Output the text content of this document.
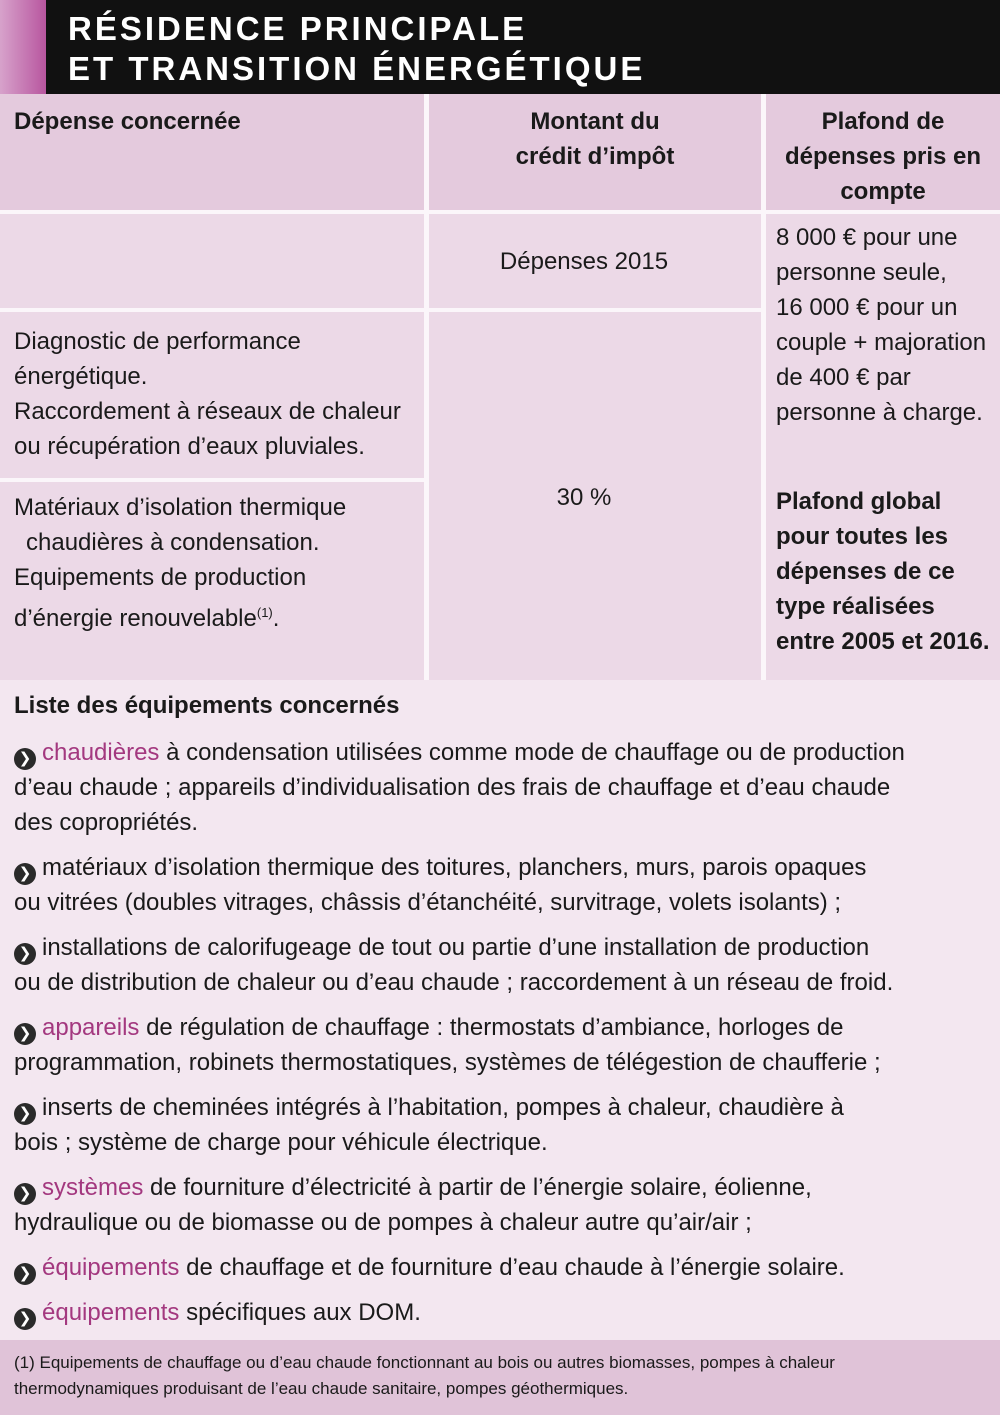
RÉSIDENCE PRINCIPALE
ET TRANSITION ÉNERGÉTIQUE
Dépense concernée	Montant du
crédit d’impôt
Plafond de
dépenses pris en
compte
Dépenses 2015
8 000 € pour une
personne seule,
16 000 € pour un
couple + majoration
de 400 € par
personne à charge.
Plafond global
pour toutes les
dépenses de ce
type réalisées
entre 2005 et 2016.
Diagnostic de performance
énergétique.
Raccordement à réseaux de chaleur
ou récupération d’eaux pluviales.
30 %
Matériaux d’isolation thermique
chaudières à condensation.
Equipements de production
d’énergie renouvelable$^{(1)}$.
Liste des équipements concernés
❯ chaudières à condensation utilisées comme mode de chauffage ou de production
d’eau chaude ; appareils d’individualisation des frais de chauffage et d’eau chaude
des copropriétés.
❯ matériaux d’isolation thermique des toitures, planchers, murs, parois opaques
ou vitrées (doubles vitrages, châssis d’étanchéité, survitrage, volets isolants) ;
❯ installations de calorifugeage de tout ou partie d’une installation de production
ou de distribution de chaleur ou d’eau chaude ; raccordement à un réseau de froid.
❯ appareils de régulation de chauffage : thermostats d’ambiance, horloges de
programmation, robinets thermostatiques, systèmes de télégestion de chaufferie ;
❯ inserts de cheminées intégrés à l’habitation, pompes à chaleur, chaudière à
bois ; système de charge pour véhicule électrique.
❯ systèmes de fourniture d’électricité à partir de l’énergie solaire, éolienne,
hydraulique ou de biomasse ou de pompes à chaleur autre qu’air/air ;
❯ équipements de chauffage et de fourniture d’eau chaude à l’énergie solaire.
❯ équipements spécifiques aux DOM.
(1) Equipements de chauffage ou d’eau chaude fonctionnant au bois ou autres biomasses, pompes à chaleur
thermodynamiques produisant de l’eau chaude sanitaire, pompes géothermiques.
